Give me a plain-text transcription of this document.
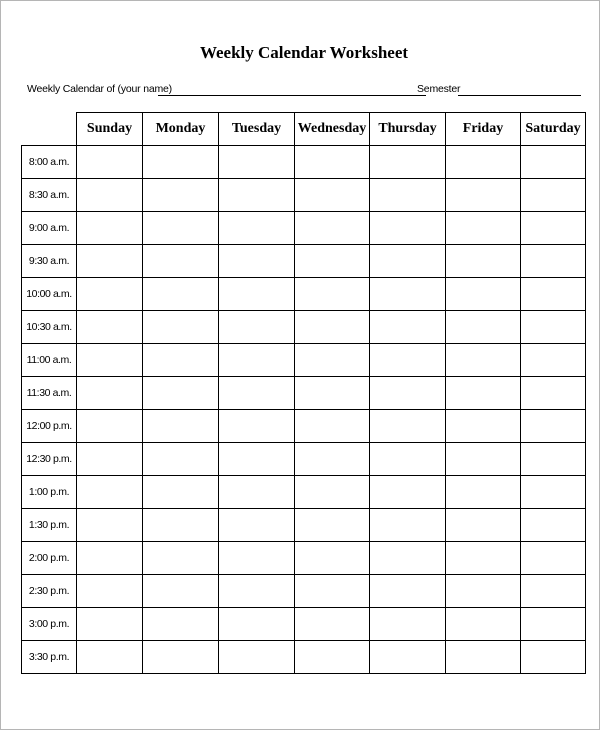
Weekly Calendar Worksheet
Weekly Calendar of (your name)	Semester
	Sunday	Monday	Tuesday	Wednesday	Thursday	Friday	Saturday
8:00 a.m.							
8:30 a.m.							
9:00 a.m.							
9:30 a.m.							
10:00 a.m.							
10:30 a.m.							
11:00 a.m.							
11:30 a.m.							
12:00 p.m.							
12:30 p.m.							
1:00 p.m.							
1:30 p.m.							
2:00 p.m.							
2:30 p.m.							
3:00 p.m.							
3:30 p.m.							
